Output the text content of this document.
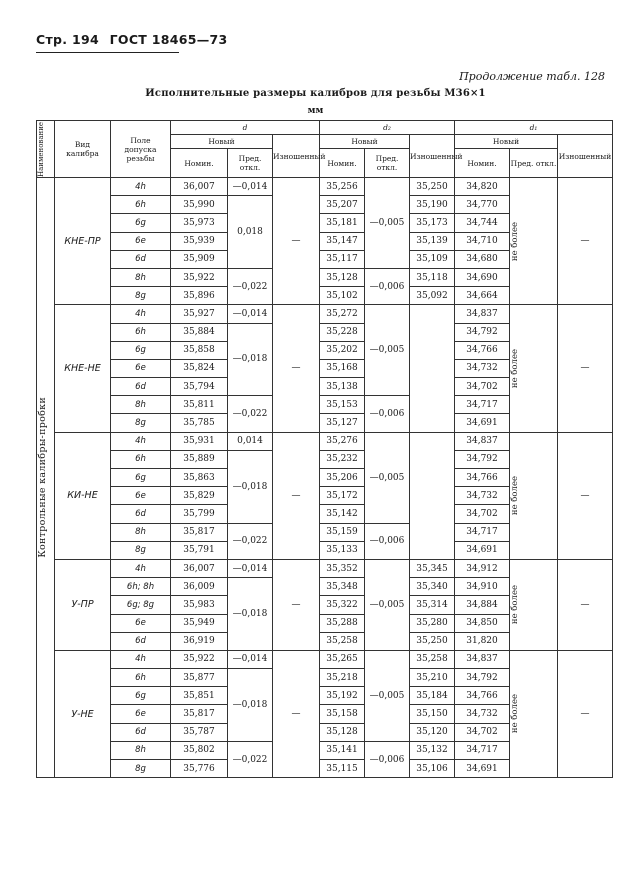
Стр. 194 ГОСТ 18465—73
Продолжение табл. 128
Исполнительные размеры калибров для резьбы М36×1
мм
Наименование	Вид калибра	Поле допуска резьбы	d			d₂			d₁		
			Новый		Изношенный	Новый		Изношенный	Новый		Изношенный
			Номин.	Пред. откл.		Номин.	Пред. откл.		Номин.	Пред. откл.	

Контрольные калибры-пробки	КНЕ-ПР	4h	36,007	—0,014	—	35,256	—0,005	35,250	34,820	не более	—
		6h	35,990	0,018		35,207		35,190	34,770		
		6g	35,973			35,181		35,173	34,744		
		6e	35,939			35,147		35,139	34,710		
		6d	35,909			35,117		35,109	34,680		
		8h	35,922	—0,022		35,128	—0,006	35,118	34,690		
		8g	35,896			35,102		35,092	34,664		
	КНЕ-НЕ	4h	35,927	—0,014	—	35,272	—0,005		34,837	не более	—
		6h	35,884	—0,018		35,228			34,792		
		6g	35,858			35,202			34,766		
		6e	35,824			35,168			34,732		
		6d	35,794			35,138			34,702		
		8h	35,811	—0,022		35,153	—0,006		34,717		
		8g	35,785			35,127			34,691		
	КИ-НЕ	4h	35,931	0,014	—	35,276	—0,005		34,837	не более	—
		6h	35,889	—0,018		35,232			34,792		
		6g	35,863			35,206			34,766		
		6e	35,829			35,172			34,732		
		6d	35,799			35,142			34,702		
		8h	35,817	—0,022		35,159	—0,006		34,717		
		8g	35,791			35,133			34,691		
	У-ПР	4h	36,007	—0,014	—	35,352	—0,005	35,345	34,912	не более	—
		6h; 8h	36,009	—0,018		35,348		35,340	34,910		
		6g; 8g	35,983			35,322		35,314	34,884		
		6e	35,949			35,288		35,280	34,850		
		6d	36,919			35,258		35,250	31,820		
	У-НЕ	4h	35,922	—0,014	—	35,265	—0,005	35,258	34,837	не более	—
		6h	35,877	—0,018		35,218		35,210	34,792		
		6g	35,851			35,192		35,184	34,766		
		6e	35,817			35,158		35,150	34,732		
		6d	35,787			35,128		35,120	34,702		
		8h	35,802	—0,022		35,141	—0,006	35,132	34,717		
		8g	35,776			35,115		35,106	34,691		
